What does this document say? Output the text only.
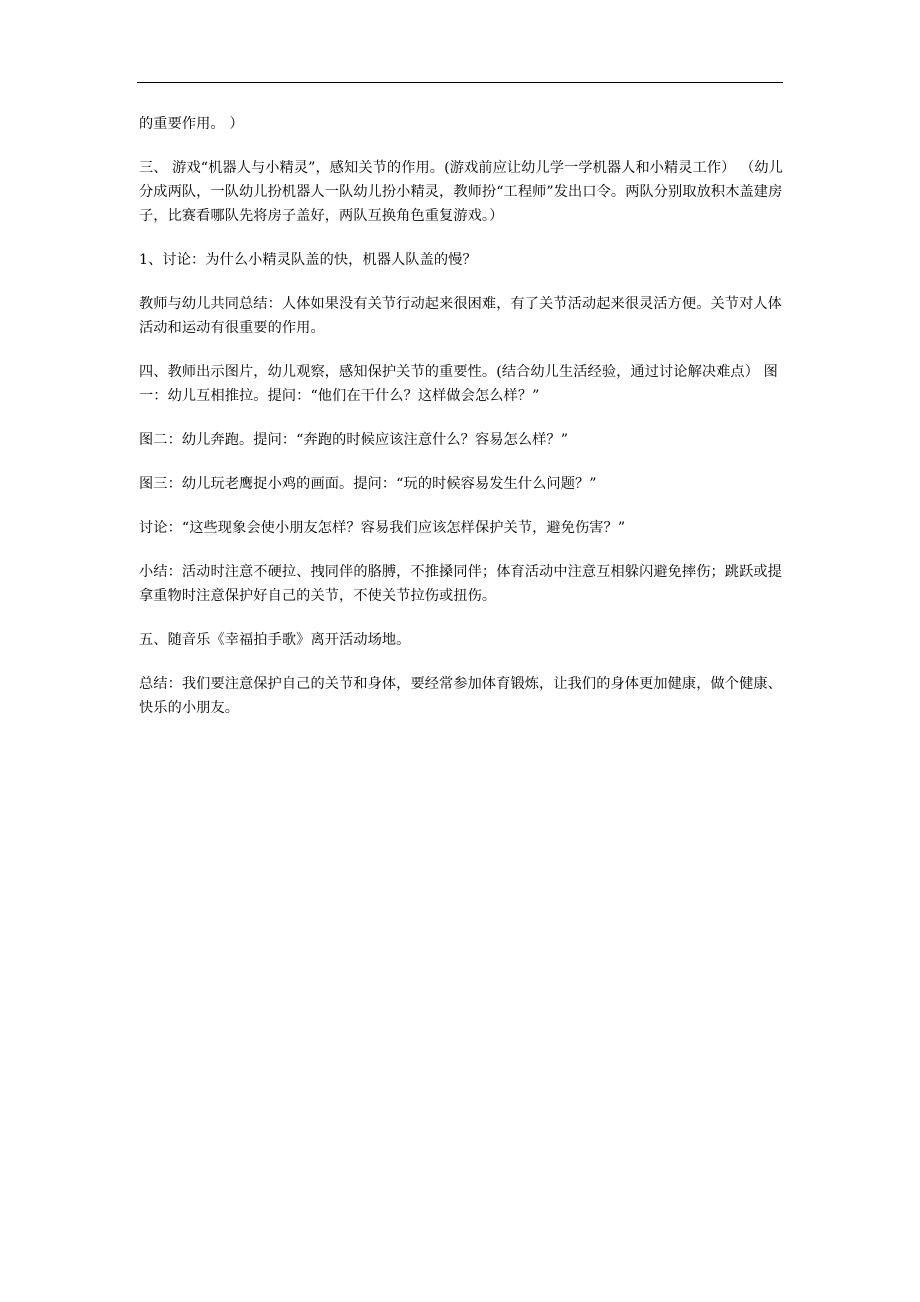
的重要作用。 ）

三、 游戏“机器人与小精灵”，感知关节的作用。(游戏前应让幼儿学一学机器人和小精灵工作） （幼儿分成两队，一队幼儿扮机器人一队幼儿扮小精灵，教师扮“工程师”发出口令。两队分别取放积木盖建房子，比赛看哪队先将房子盖好，两队互换角色重复游戏。）

1、讨论：为什么小精灵队盖的快，机器人队盖的慢？

教师与幼儿共同总结：人体如果没有关节行动起来很困难，有了关节活动起来很灵活方便。关节对人体活动和运动有很重要的作用。

四、教师出示图片，幼儿观察，感知保护关节的重要性。(结合幼儿生活经验，通过讨论解决难点） 图一：幼儿互相推拉。提问：“他们在干什么？这样做会怎么样？”

图二：幼儿奔跑。提问：“奔跑的时候应该注意什么？容易怎么样？”

图三：幼儿玩老鹰捉小鸡的画面。提问：“玩的时候容易发生什么问题？”

讨论：“这些现象会使小朋友怎样？容易我们应该怎样保护关节，避免伤害？”

小结：活动时注意不硬拉、拽同伴的胳膊，不推搡同伴；体育活动中注意互相躲闪避免摔伤；跳跃或提拿重物时注意保护好自己的关节，不使关节拉伤或扭伤。

五、随音乐《幸福拍手歌》离开活动场地。

总结：我们要注意保护自己的关节和身体，要经常参加体育锻炼，让我们的身体更加健康，做个健康、快乐的小朋友。
